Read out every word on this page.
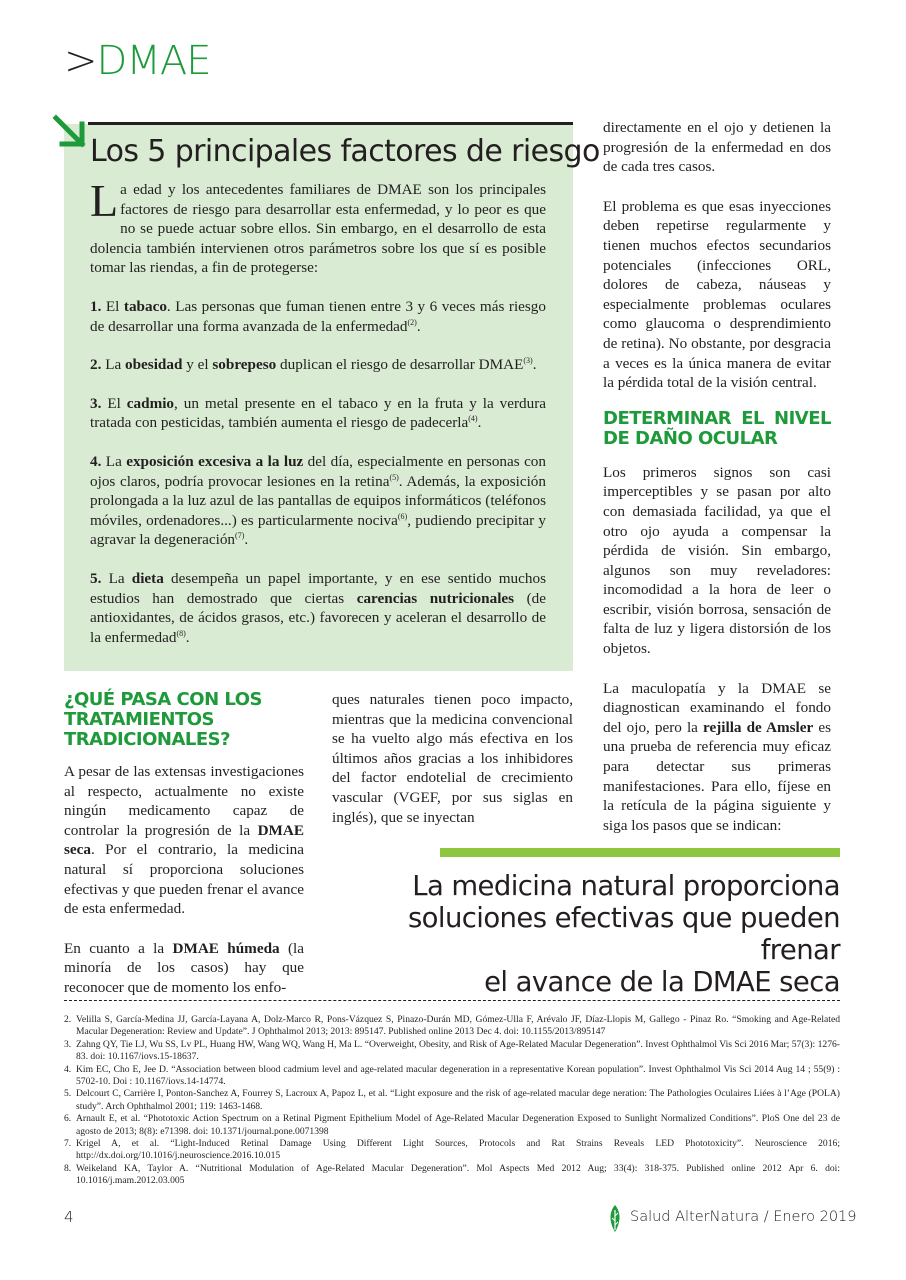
>DMAE
Los 5 principales factores de riesgo

La edad y los antecedentes familiares de DMAE son los principales factores de riesgo para desarrollar esta enfermedad, y lo peor es que no se puede actuar sobre ellos. Sin embargo, en el desarrollo de esta dolencia también intervienen otros parámetros sobre los que sí es posible tomar las riendas, a fin de protegerse:

1. El tabaco. Las personas que fuman tienen entre 3 y 6 veces más riesgo de desarrollar una forma avanzada de la enfermedad$^{(2)}$.

2. La obesidad y el sobrepeso duplican el riesgo de desarrollar DMAE$^{(3)}$.

3. El cadmio, un metal presente en el tabaco y en la fruta y la verdura tratada con pesticidas, también aumenta el riesgo de padecerla$^{(4)}$.

4. La exposición excesiva a la luz del día, especialmente en personas con ojos claros, podría provocar lesiones en la retina$^{(5)}$. Además, la exposición prolongada a la luz azul de las pantallas de equipos informáticos (teléfonos móviles, ordenadores...) es particularmente nociva$^{(6)}$, pudiendo precipitar y agravar la degeneración$^{(7)}$.

5. La dieta desempeña un papel importante, y en ese sentido muchos estudios han demostrado que ciertas carencias nutricionales (de antioxidantes, de ácidos grasos, etc.) favorecen y aceleran el desarrollo de la enfermedad$^{(8)}$.

¿QUÉ PASA CON LOS TRATAMIENTOS TRADICIONALES?

A pesar de las extensas investigaciones al respecto, actualmente no existe ningún medicamento capaz de controlar la progresión de la DMAE seca. Por el contrario, la medicina natural sí proporciona soluciones efectivas y que pueden frenar el avance de esta enfermedad.

En cuanto a la DMAE húmeda (la minoría de los casos) hay que reconocer que de momento los enfo-

ques naturales tienen poco impacto, mientras que la medicina convencional se ha vuelto algo más efectiva en los últimos años gracias a los inhibidores del factor endotelial de crecimiento vascular (VGEF, por sus siglas en inglés), que se inyectan

directamente en el ojo y detienen la progresión de la enfermedad en dos de cada tres casos.

El problema es que esas inyecciones deben repetirse regularmente y tienen muchos efectos secundarios potenciales (infecciones ORL, dolores de cabeza, náuseas y especialmente problemas oculares como glaucoma o desprendimiento de retina). No obstante, por desgracia a veces es la única manera de evitar la pérdida total de la visión central.

DETERMINAR EL NIVEL DE DAÑO OCULAR

Los primeros signos son casi imperceptibles y se pasan por alto con demasiada facilidad, ya que el otro ojo ayuda a compensar la pérdida de visión. Sin embargo, algunos son muy reveladores: incomodidad a la hora de leer o escribir, visión borrosa, sensación de falta de luz y ligera distorsión de los objetos.

La maculopatía y la DMAE se diagnostican examinando el fondo del ojo, pero la rejilla de Amsler es una prueba de referencia muy eficaz para detectar sus primeras manifestaciones. Para ello, fíjese en la retícula de la página siguiente y siga los pasos que se indican:

La medicina natural proporciona
soluciones efectivas que pueden frenar
el avance de la DMAE seca
2. Velilla S, García-Medina JJ, García-Layana A, Dolz-Marco R, Pons-Vázquez S, Pinazo-Durán MD, Gómez-Ulla F, Arévalo JF, Díaz-Llopis M, Gallego - Pinaz Ro. “Smoking and Age-Related Macular Degeneration: Review and Update”. J Ophthalmol 2013; 2013: 895147. Published online 2013 Dec 4. doi: 10.1155/2013/895147
3. Zahng QY, Tie LJ, Wu SS, Lv PL, Huang HW, Wang WQ, Wang H, Ma L. “Overweight, Obesity, and Risk of Age-Related Macular Degeneration”. Invest Ophthalmol Vis Sci 2016 Mar; 57(3): 1276-83. doi: 10.1167/iovs.15-18637.
4. Kim EC, Cho E, Jee D. “Association between blood cadmium level and age-related macular degeneration in a representative Korean population”. Invest Ophthalmol Vis Sci 2014 Aug 14 ; 55(9) : 5702-10. Doi : 10.1167/iovs.14-14774.
5. Delcourt C, Carrière I, Ponton-Sanchez A, Fourrey S, Lacroux A, Papoz L, et al. “Light exposure and the risk of age-related macular dege neration: The Pathologies Oculaires Liées à l’Age (POLA) study”. Arch Ophthalmol 2001; 119: 1463-1468.
6. Arnault E, et al. “Phototoxic Action Spectrum on a Retinal Pigment Epithelium Model of Age-Related Macular Degeneration Exposed to Sunlight Normalized Conditions”. PloS One del 23 de agosto de 2013; 8(8): e71398. doi: 10.1371/journal.pone.0071398
7. Krigel A, et al. “Light-Induced Retinal Damage Using Different Light Sources, Protocols and Rat Strains Reveals LED Phototoxicity”. Neuroscience 2016; http://dx.doi.org/10.1016/j.neuroscience.2016.10.015
8. Weikeland KA, Taylor A. “Nutritional Modulation of Age-Related Macular Degeneration”. Mol Aspects Med 2012 Aug; 33(4): 318-375. Published online 2012 Apr 6. doi: 10.1016/j.mam.2012.03.005
4	Salud AlterNatura / Enero 2019
